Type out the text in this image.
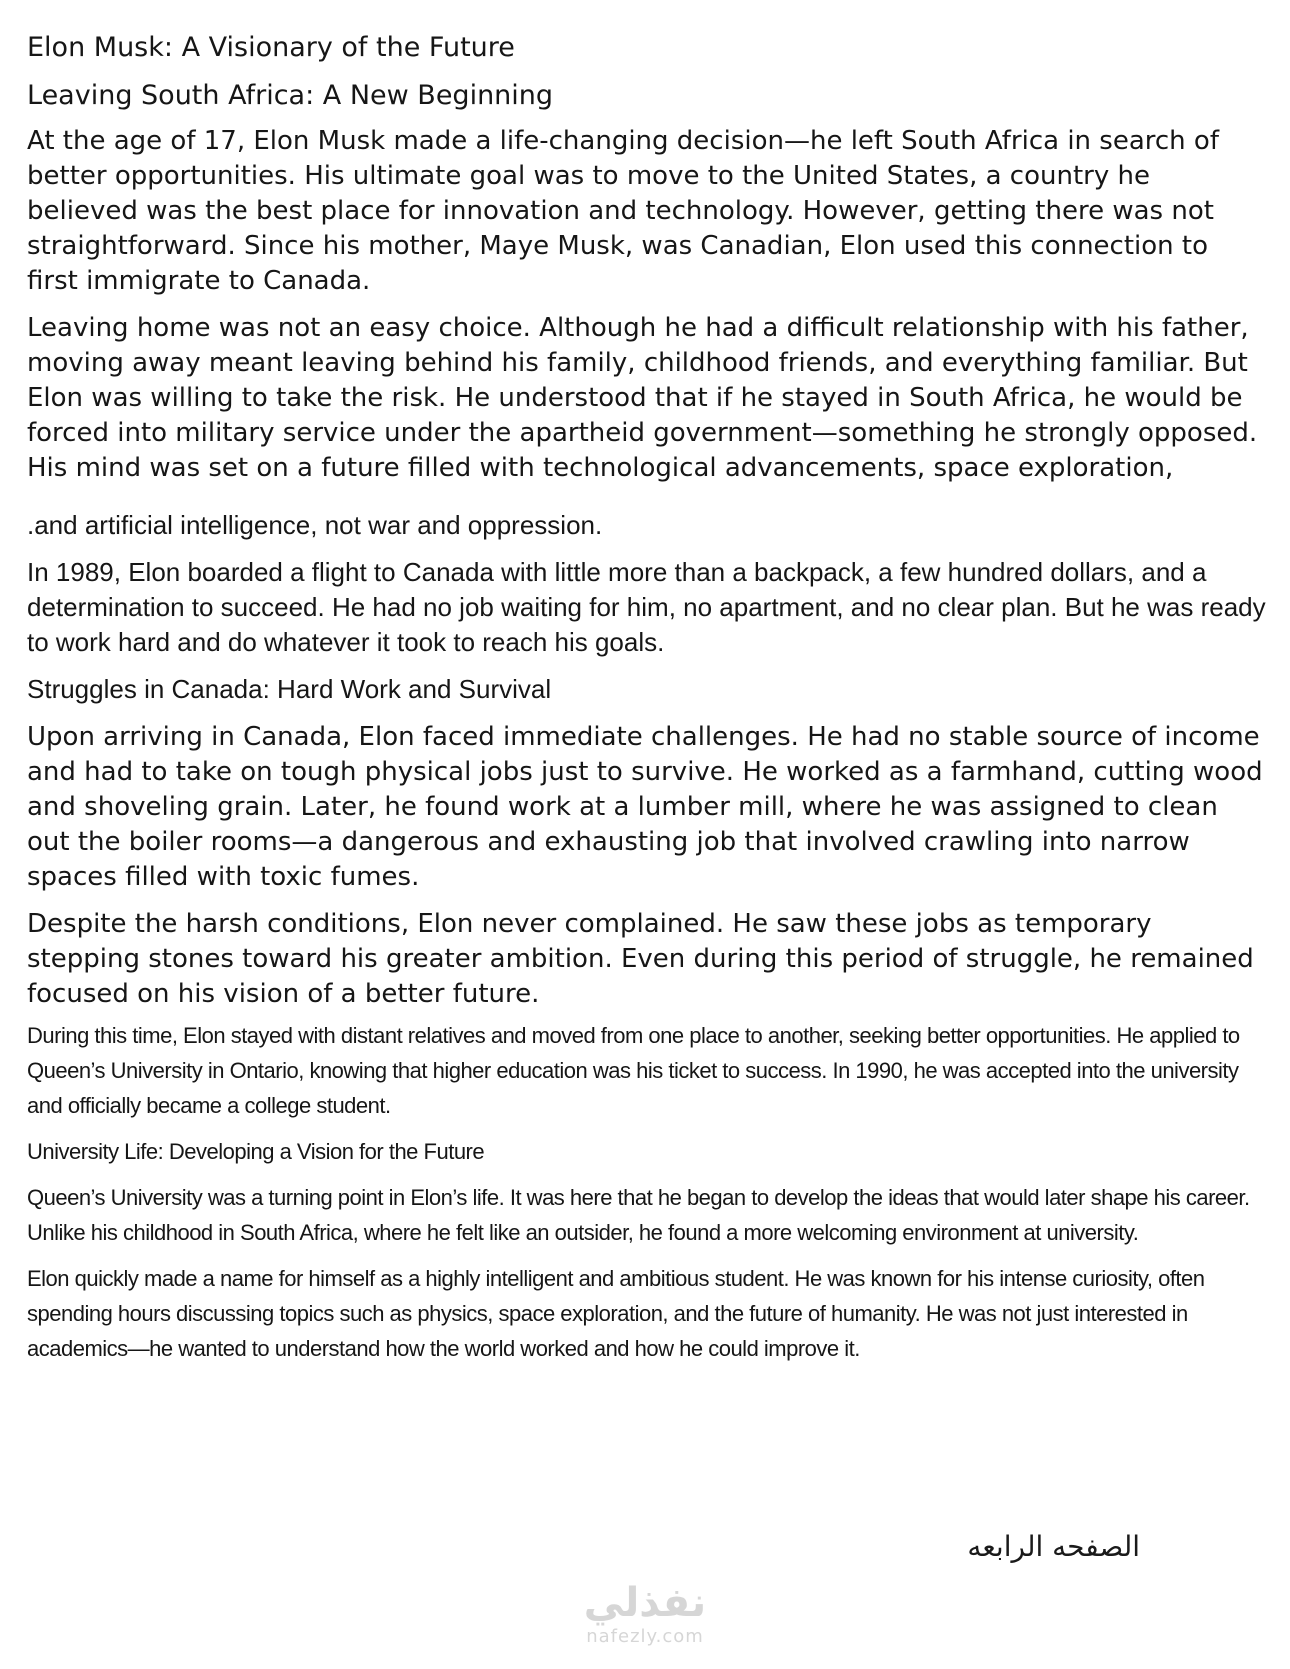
Elon Musk: A Visionary of the Future

Leaving South Africa: A New Beginning

At the age of 17, Elon Musk made a life-changing decision—he left South Africa in search of better opportunities. His ultimate goal was to move to the United States, a country he believed was the best place for innovation and technology. However, getting there was not straightforward. Since his mother, Maye Musk, was Canadian, Elon used this connection to first immigrate to Canada.

Leaving home was not an easy choice. Although he had a difficult relationship with his father, moving away meant leaving behind his family, childhood friends, and everything familiar. But Elon was willing to take the risk. He understood that if he stayed in South Africa, he would be forced into military service under the apartheid government—something he strongly opposed. His mind was set on a future filled with technological advancements, space exploration,

.and artificial intelligence, not war and oppression.

In 1989, Elon boarded a flight to Canada with little more than a backpack, a few hundred dollars, and a determination to succeed. He had no job waiting for him, no apartment, and no clear plan. But he was ready to work hard and do whatever it took to reach his goals.

Struggles in Canada: Hard Work and Survival

Upon arriving in Canada, Elon faced immediate challenges. He had no stable source of income and had to take on tough physical jobs just to survive. He worked as a farmhand, cutting wood and shoveling grain. Later, he found work at a lumber mill, where he was assigned to clean out the boiler rooms—a dangerous and exhausting job that involved crawling into narrow spaces filled with toxic fumes.

Despite the harsh conditions, Elon never complained. He saw these jobs as temporary stepping stones toward his greater ambition. Even during this period of struggle, he remained focused on his vision of a better future.

During this time, Elon stayed with distant relatives and moved from one place to another, seeking better opportunities. He applied to Queen’s University in Ontario, knowing that higher education was his ticket to success. In 1990, he was accepted into the university and officially became a college student.

University Life: Developing a Vision for the Future

Queen’s University was a turning point in Elon’s life. It was here that he began to develop the ideas that would later shape his career. Unlike his childhood in South Africa, where he felt like an outsider, he found a more welcoming environment at university.

Elon quickly made a name for himself as a highly intelligent and ambitious student. He was known for his intense curiosity, often spending hours discussing topics such as physics, space exploration, and the future of humanity. He was not just interested in academics—he wanted to understand how the world worked and how he could improve it.

الصفحه الرابعه
نفذلي
nafezly.com
